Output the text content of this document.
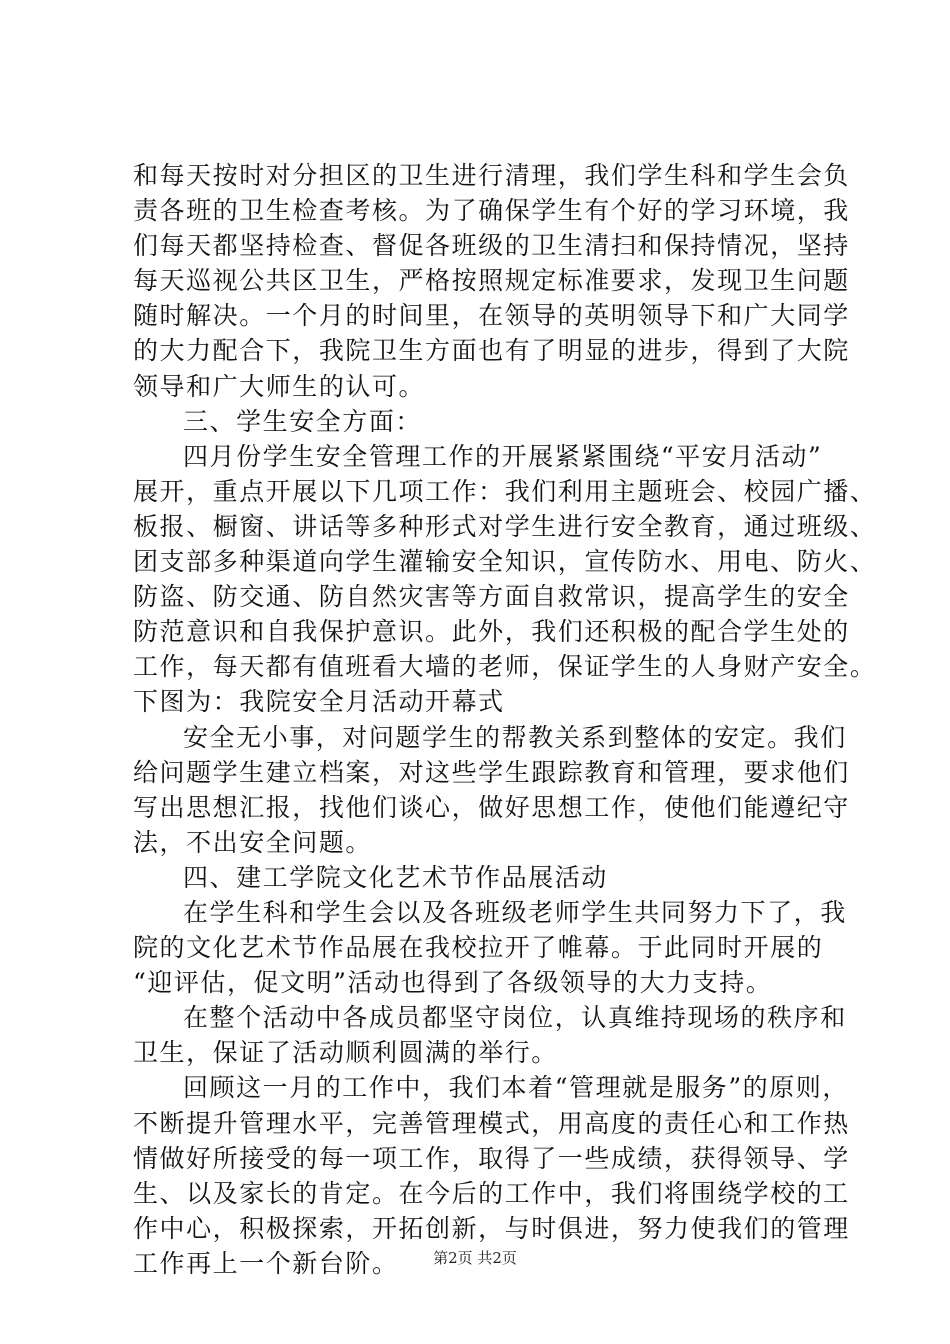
和每天按时对分担区的卫生进行清理，我们学生科和学生会负
责各班的卫生检查考核。为了确保学生有个好的学习环境，我
们每天都坚持检查、督促各班级的卫生清扫和保持情况，坚持
每天巡视公共区卫生，严格按照规定标准要求，发现卫生问题
随时解决。一个月的时间里，在领导的英明领导下和广大同学
的大力配合下，我院卫生方面也有了明显的进步，得到了大院
领导和广大师生的认可。
三、学生安全方面：
四月份学生安全管理工作的开展紧紧围绕“平安月活动”
展开，重点开展以下几项工作：我们利用主题班会、校园广播、
板报、橱窗、讲话等多种形式对学生进行安全教育，通过班级、
团支部多种渠道向学生灌输安全知识，宣传防水、用电、防火、
防盗、防交通、防自然灾害等方面自救常识，提高学生的安全
防范意识和自我保护意识。此外，我们还积极的配合学生处的
工作，每天都有值班看大墙的老师，保证学生的人身财产安全。
下图为：我院安全月活动开幕式
安全无小事，对问题学生的帮教关系到整体的安定。我们
给问题学生建立档案，对这些学生跟踪教育和管理，要求他们
写出思想汇报，找他们谈心，做好思想工作，使他们能遵纪守
法，不出安全问题。
四、建工学院文化艺术节作品展活动
在学生科和学生会以及各班级老师学生共同努力下了，我
院的文化艺术节作品展在我校拉开了帷幕。于此同时开展的
“迎评估，促文明”活动也得到了各级领导的大力支持。
在整个活动中各成员都坚守岗位，认真维持现场的秩序和
卫生，保证了活动顺利圆满的举行。
回顾这一月的工作中，我们本着“管理就是服务”的原则，
不断提升管理水平，完善管理模式，用高度的责任心和工作热
情做好所接受的每一项工作，取得了一些成绩，获得领导、学
生、以及家长的肯定。在今后的工作中，我们将围绕学校的工
作中心，积极探索，开拓创新，与时俱进，努力使我们的管理
工作再上一个新台阶。	第2页 共2页
